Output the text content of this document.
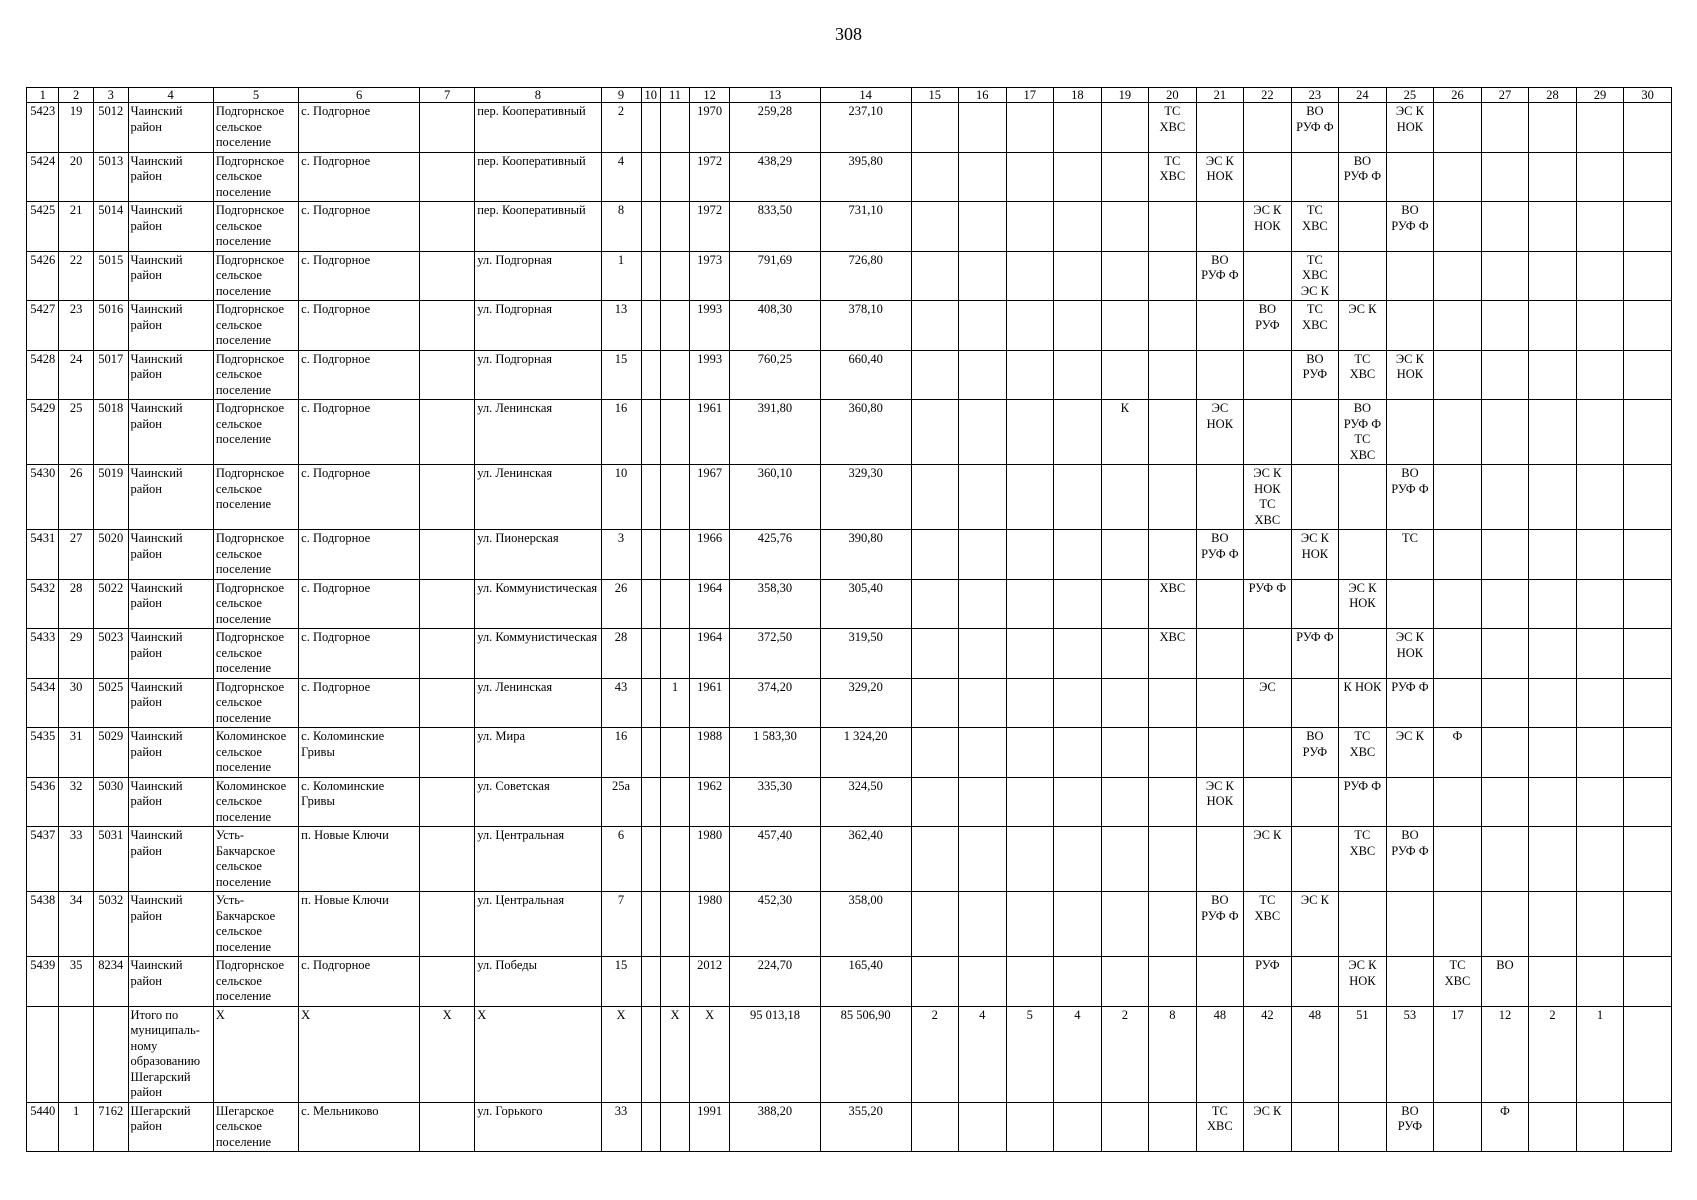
308
1	2	3	4	5	6	7	8	9	10	11	12	13	14	15	16	17	18	19	20	21	22	23	24	25	26	27	28	29	30
5423	19	5012	Чаинский район	Подгорнское сельское поселение	с. Подгорное		пер. Кооперативный	2			1970	259,28	237,10						ТС ХВС			ВО РУФ Ф		ЭС К НОК					
5424	20	5013	Чаинский район	Подгорнское сельское поселение	с. Подгорное		пер. Кооперативный	4			1972	438,29	395,80						ТС ХВС	ЭС К НОК			ВО РУФ Ф						
5425	21	5014	Чаинский район	Подгорнское сельское поселение	с. Подгорное		пер. Кооперативный	8			1972	833,50	731,10								ЭС К НОК	ТС ХВС		ВО РУФ Ф					
5426	22	5015	Чаинский район	Подгорнское сельское поселение	с. Подгорное		ул. Подгорная	1			1973	791,69	726,80							ВО РУФ Ф		ТС ХВС ЭС К							
5427	23	5016	Чаинский район	Подгорнское сельское поселение	с. Подгорное		ул. Подгорная	13			1993	408,30	378,10								ВО РУФ	ТС ХВС	ЭС К						
5428	24	5017	Чаинский район	Подгорнское сельское поселение	с. Подгорное		ул. Подгорная	15			1993	760,25	660,40									ВО РУФ	ТС ХВС	ЭС К НОК					
5429	25	5018	Чаинский район	Подгорнское сельское поселение	с. Подгорное		ул. Ленинская	16			1961	391,80	360,80					К		ЭС НОК			ВО РУФ Ф ТС ХВС						
5430	26	5019	Чаинский район	Подгорнское сельское поселение	с. Подгорное		ул. Ленинская	10			1967	360,10	329,30								ЭС К НОК ТС ХВС			ВО РУФ Ф					
5431	27	5020	Чаинский район	Подгорнское сельское поселение	с. Подгорное		ул. Пионерская	3			1966	425,76	390,80							ВО РУФ Ф		ЭС К НОК		ТС					
5432	28	5022	Чаинский район	Подгорнское сельское поселение	с. Подгорное		ул. Коммунистическая	26			1964	358,30	305,40						ХВС		РУФ Ф		ЭС К НОК						
5433	29	5023	Чаинский район	Подгорнское сельское поселение	с. Подгорное		ул. Коммунистическая	28			1964	372,50	319,50						ХВС			РУФ Ф		ЭС К НОК					
5434	30	5025	Чаинский район	Подгорнское сельское поселение	с. Подгорное		ул. Ленинская	43		1	1961	374,20	329,20								ЭС		К НОК	РУФ Ф					
5435	31	5029	Чаинский район	Коломинское сельское поселение	с. Коломинские Гривы		ул. Мира	16			1988	1 583,30	1 324,20									ВО РУФ	ТС ХВС	ЭС К	Ф				
5436	32	5030	Чаинский район	Коломинское сельское поселение	с. Коломинские Гривы		ул. Советская	25а			1962	335,30	324,50							ЭС К НОК			РУФ Ф						
5437	33	5031	Чаинский район	Усть-Бакчарское сельское поселение	п. Новые Ключи		ул. Центральная	6			1980	457,40	362,40								ЭС К		ТС ХВС	ВО РУФ Ф					
5438	34	5032	Чаинский район	Усть-Бакчарское сельское поселение	п. Новые Ключи		ул. Центральная	7			1980	452,30	358,00							ВО РУФ Ф	ТС ХВС	ЭС К							
5439	35	8234	Чаинский район	Подгорнское сельское поселение	с. Подгорное		ул. Победы	15			2012	224,70	165,40								РУФ		ЭС К НОК		ТС ХВС	ВО			
			Итого по муниципаль-ному образованию Шегарский район	Х	Х	Х	Х	Х		Х	Х	95 013,18	85 506,90	2	4	5	4	2	8	48	42	48	51	53	17	12	2	1	
5440	1	7162	Шегарский район	Шегарское сельское поселение	с. Мельниково		ул. Горького	33			1991	388,20	355,20							ТС ХВС	ЭС К			ВО РУФ		Ф			
